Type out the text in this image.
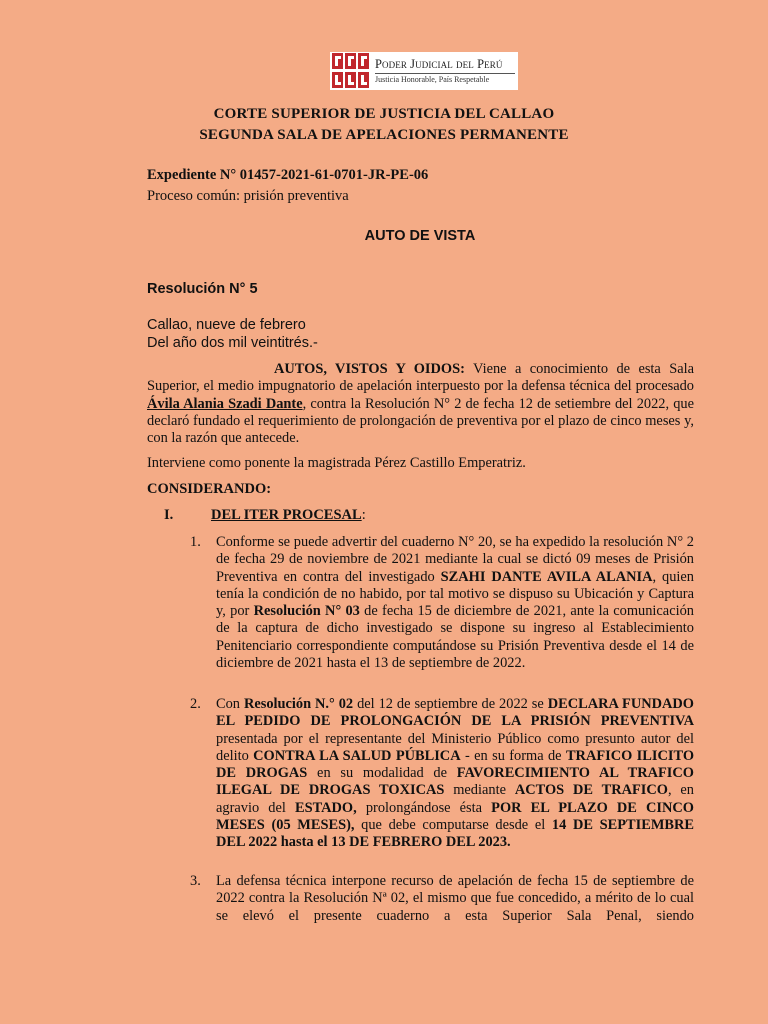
Poder Judicial del Perú
Justicia Honorable, País Respetable
CORTE SUPERIOR DE JUSTICIA DEL CALLAO
SEGUNDA SALA DE APELACIONES PERMANENTE
Expediente N° 01457-2021-61-0701-JR-PE-06
Proceso común: prisión preventiva
AUTO DE VISTA
Resolución N° 5
Callao, nueve de febrero
Del año dos mil veintitrés.-
AUTOS, VISTOS Y OIDOS: Viene a conocimiento de esta Sala Superior, el medio impugnatorio de apelación interpuesto por la defensa técnica del procesado Ávila Alania Szadi Dante, contra la Resolución N° 2 de fecha 12 de setiembre del 2022, que declaró fundado el requerimiento de prolongación de preventiva por el plazo de cinco meses y, con la razón que antecede.
Interviene como ponente la magistrada Pérez Castillo Emperatriz.
CONSIDERANDO:
I.	DEL ITER PROCESAL:
1. Conforme se puede advertir del cuaderno N° 20, se ha expedido la resolución N° 2 de fecha 29 de noviembre de 2021 mediante la cual se dictó 09 meses de Prisión Preventiva en contra del investigado SZAHI DANTE AVILA ALANIA, quien tenía la condición de no habido, por tal motivo se dispuso su Ubicación y Captura y, por Resolución N° 03 de fecha 15 de diciembre de 2021, ante la comunicación de la captura de dicho investigado se dispone su ingreso al Establecimiento Penitenciario correspondiente computándose su Prisión Preventiva desde el 14 de diciembre de 2021 hasta el 13 de septiembre de 2022.
2. Con Resolución N.° 02 del 12 de septiembre de 2022 se DECLARA FUNDADO EL PEDIDO DE PROLONGACIÓN DE LA PRISIÓN PREVENTIVA presentada por el representante del Ministerio Público como presunto autor del delito CONTRA LA SALUD PÚBLICA - en su forma de TRAFICO ILICITO DE DROGAS en su modalidad de FAVORECIMIENTO AL TRAFICO ILEGAL DE DROGAS TOXICAS mediante ACTOS DE TRAFICO, en agravio del ESTADO, prolongándose ésta POR EL PLAZO DE CINCO MESES (05 MESES), que debe computarse desde el 14 DE SEPTIEMBRE DEL 2022 hasta el 13 DE FEBRERO DEL 2023.
3. La defensa técnica interpone recurso de apelación de fecha 15 de septiembre de 2022 contra la Resolución Nª 02, el mismo que fue concedido, a mérito de lo cual se elevó el presente cuaderno a esta Superior Sala Penal, siendo
